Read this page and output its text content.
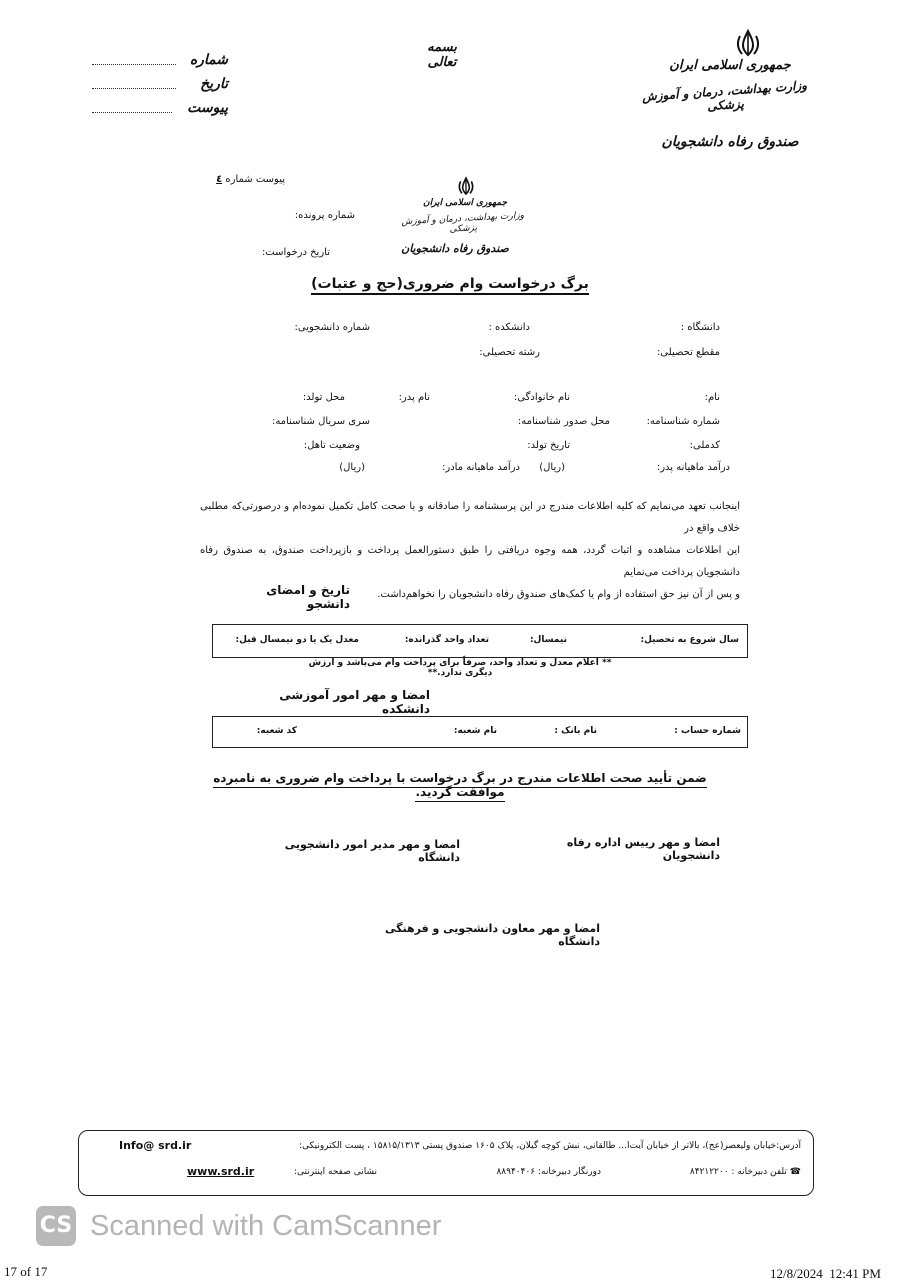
بسمه تعالی
شماره
تاریخ
پیوست
جمهوری اسلامی ایران
وزارت بهداشت، درمان و آموزش پزشکی
صندوق رفاه دانشجویان
پیوست شماره ٤
جمهوری اسلامی ایران
وزارت بهداشت، درمان و آموزش پزشکی
صندوق رفاه دانشجویان
شماره پرونده:
تاریخ درخواست:
برگ درخواست وام ضروری(حج و عتبات)
دانشگاه :
دانشکده :
شماره دانشجویی:
مقطع تحصیلی:
رشته تحصیلی:
نام:
نام خانوادگی:
نام پدر:
محل تولد:
شماره شناسنامه:
محل صدور شناسنامه:
سری سریال شناسنامه:
کدملی:
تاریخ تولد:
وضعیت تاهل:
درآمد ماهیانه پدر:
(ریال)
درآمد ماهیانه مادر:
(ریال)
اینجانب تعهد می‌نمایم که کلیه اطلاعات مندرج در این پرسشنامه را صادقانه و با صحت کامل تکمیل نموده‌ام و درصورتی‌که مطلبی خلاف واقع در
این اطلاعات مشاهده و اثبات گردد، همه وجوه دریافتی را طبق دستورالعمل پرداخت و بازپرداخت صندوق، به صندوق رفاه دانشجویان پرداخت می‌نمایم
و پس از آن نیز حق استفاده از وام یا کمک‌های صندوق رفاه دانشجویان را نخواهم‌داشت.
تاریخ و امضای دانشجو
سال شروع به تحصیل:
نیمسال:
تعداد واحد گذرانده:
معدل یک یا دو نیمسال قبل:
** اعلام معدل و تعداد واحد، صرفاً برای پرداخت وام می‌باشد و ارزش دیگری ندارد.**
امضا و مهر امور آموزشی دانشکده
شماره حساب :
نام بانک :
نام شعبه:
کد شعبه:
ضمن تأیید صحت اطلاعات مندرج در برگ درخواست با پرداخت وام ضروری به نامبرده موافقت گردید.
امضا و مهر رییس اداره رفاه دانشجویان
امضا و مهر مدیر امور دانشجویی دانشگاه
امضا و مهر معاون دانشجویی و فرهنگی دانشگاه
آدرس:خیابان ولیعصر(عج)، بالاتر از خیابان آیت‌ا... طالقانی، نبش کوچه گیلان، پلاک ۱۶۰۵ صندوق پستی ۱۵۸۱۵/۱۳۱۳ ، پست الکترونیکی:
Info@ srd.ir
☎ تلفن دبیرخانه : ۸۴۲۱۲۲۰۰
دورنگار دبیرخانه: ۸۸۹۴۰۴۰۶
نشانی صفحه اینترنتی:
www.srd.ir
CS Scanned with CamScanner
17 of 17	12/8/2024  12:41 PM
